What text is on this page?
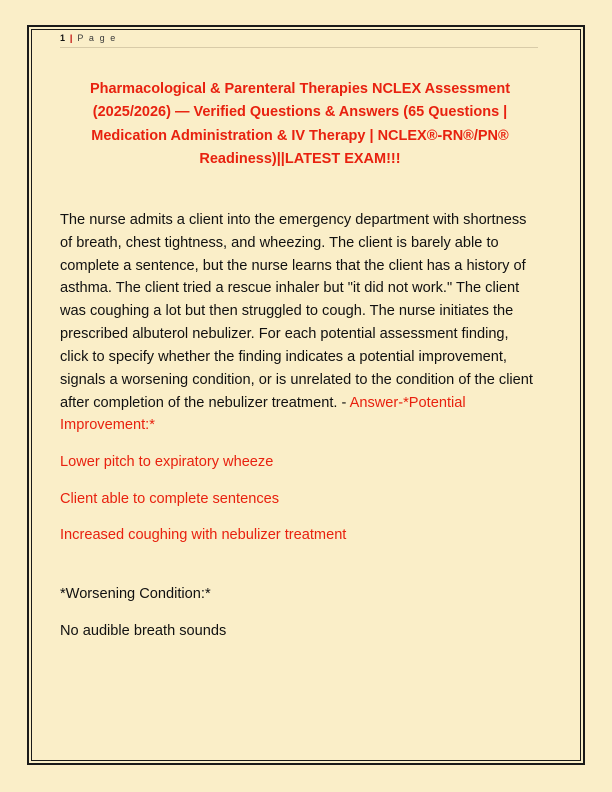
1 | P a g e
Pharmacological & Parenteral Therapies NCLEX Assessment (2025/2026) — Verified Questions & Answers (65 Questions | Medication Administration & IV Therapy | NCLEX®-RN®/PN® Readiness)||LATEST EXAM!!!
The nurse admits a client into the emergency department with shortness of breath, chest tightness, and wheezing. The client is barely able to complete a sentence, but the nurse learns that the client has a history of asthma. The client tried a rescue inhaler but "it did not work." The client was coughing a lot but then struggled to cough. The nurse initiates the prescribed albuterol nebulizer. For each potential assessment finding, click to specify whether the finding indicates a potential improvement, signals a worsening condition, or is unrelated to the condition of the client after completion of the nebulizer treatment. - Answer-*Potential Improvement:*
Lower pitch to expiratory wheeze
Client able to complete sentences
Increased coughing with nebulizer treatment
*Worsening Condition:*
No audible breath sounds
